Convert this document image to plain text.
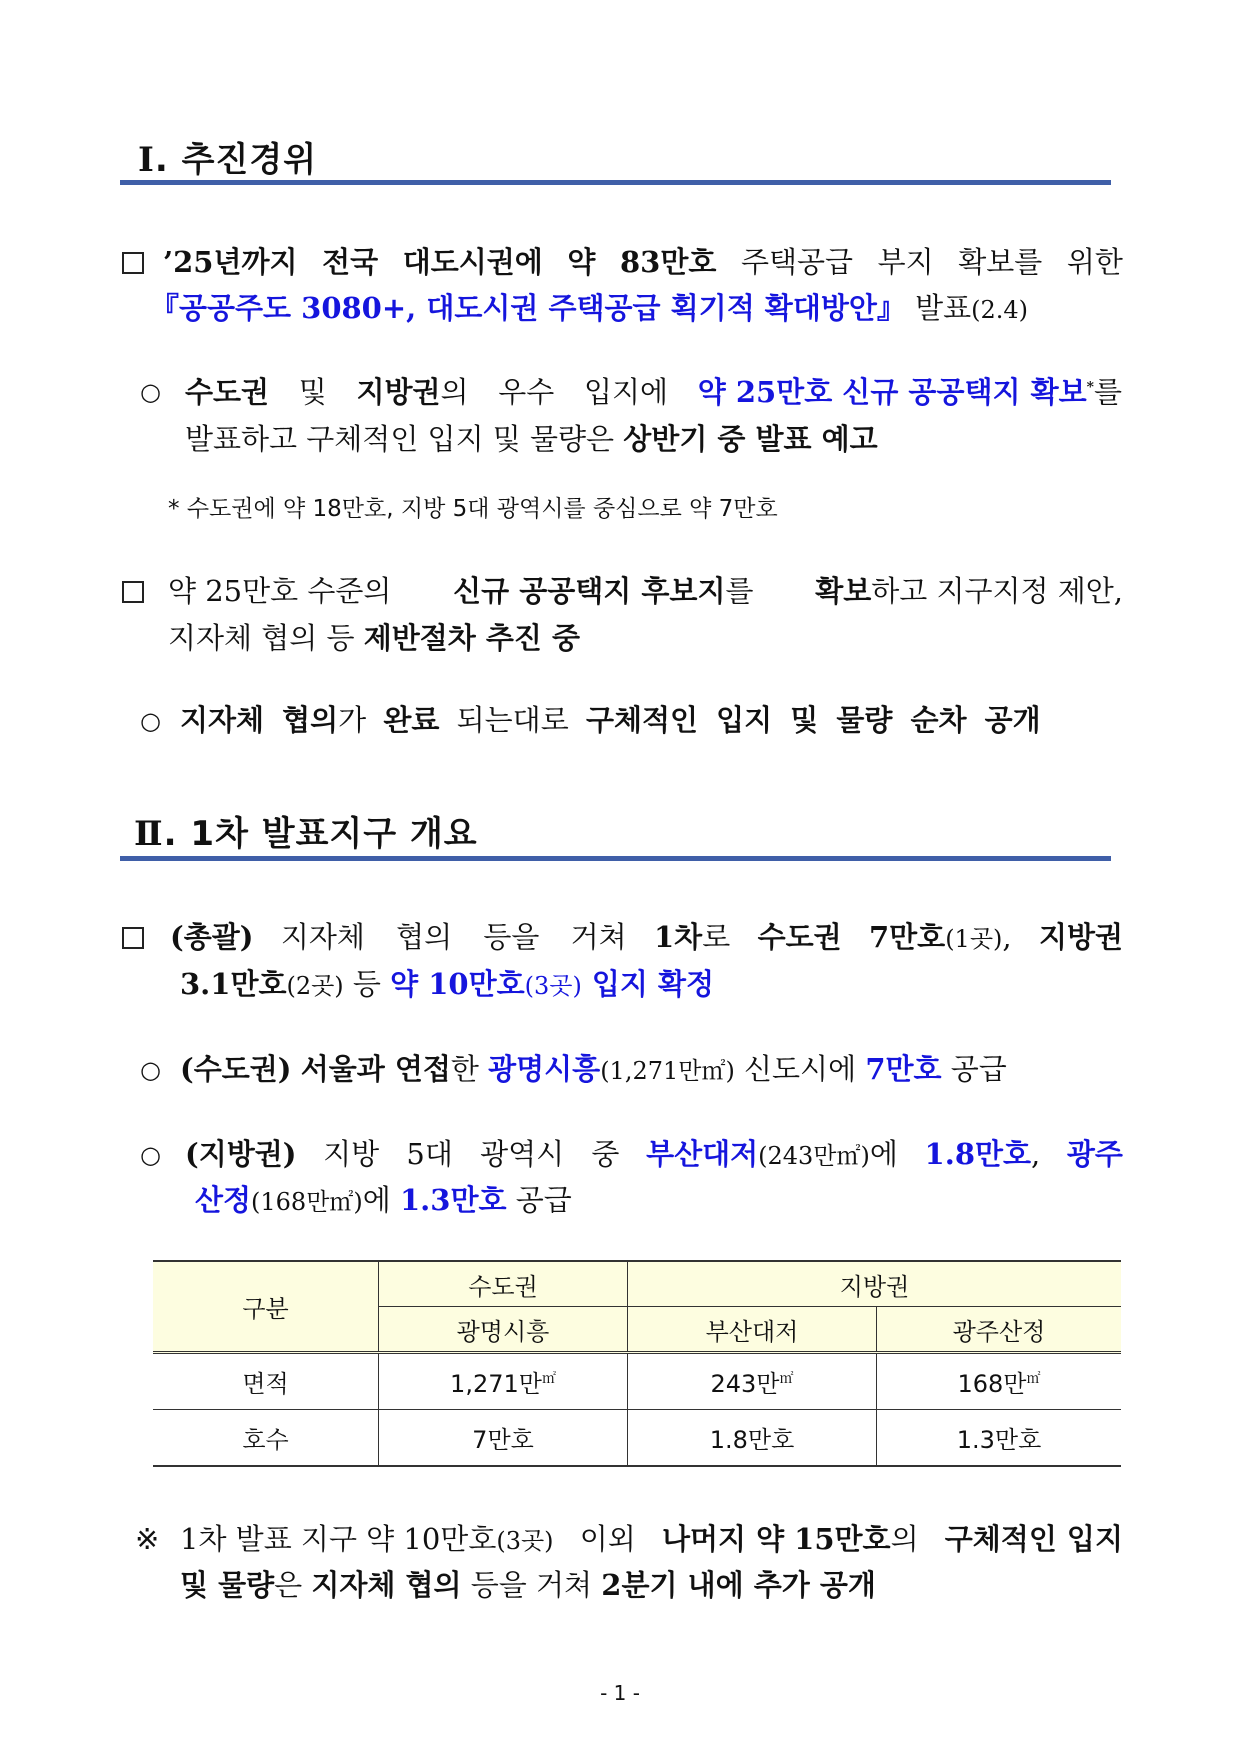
Ⅰ. 추진경위
’25년까지 전국 대도시권에 약 83만호 주택공급 부지 확보를 위한
『공공주도 3080+, 대도시권 주택공급 획기적 확대방안』 발표(2.4)
○ 수도권 및 지방권의 우수 입지에 약 25만호 신규 공공택지 확보*를
발표하고 구체적인 입지 및 물량은 상반기 중 발표 예고
* 수도권에 약 18만호, 지방 5대 광역시를 중심으로 약 7만호
약 25만호 수준의 신규 공공택지 후보지를 확보하고 지구지정 제안,
지자체 협의 등 제반절차 추진 중
○ 지자체 협의가 완료 되는대로 구체적인 입지 및 물량 순차 공개
Ⅱ. 1차 발표지구 개요
(총괄) 지자체 협의 등을 거쳐 1차로 수도권 7만호(1곳), 지방권
3.1만호(2곳) 등 약 10만호(3곳) 입지 확정
○ (수도권) 서울과 연접한 광명시흥(1,271만㎡) 신도시에 7만호 공급
○ (지방권) 지방 5대 광역시 중 부산대저(243만㎡)에 1.8만호, 광주
산정(168만㎡)에 1.3만호 공급
구분	수도권	지방권	
	광명시흥	부산대저	광주산정
면적	1,271만㎡	243만㎡	168만㎡
호수	7만호	1.8만호	1.3만호
※ 1차 발표 지구 약 10만호(3곳) 이외 나머지 약 15만호의 구체적인 입지
및 물량은 지자체 협의 등을 거쳐 2분기 내에 추가 공개
- 1 -
